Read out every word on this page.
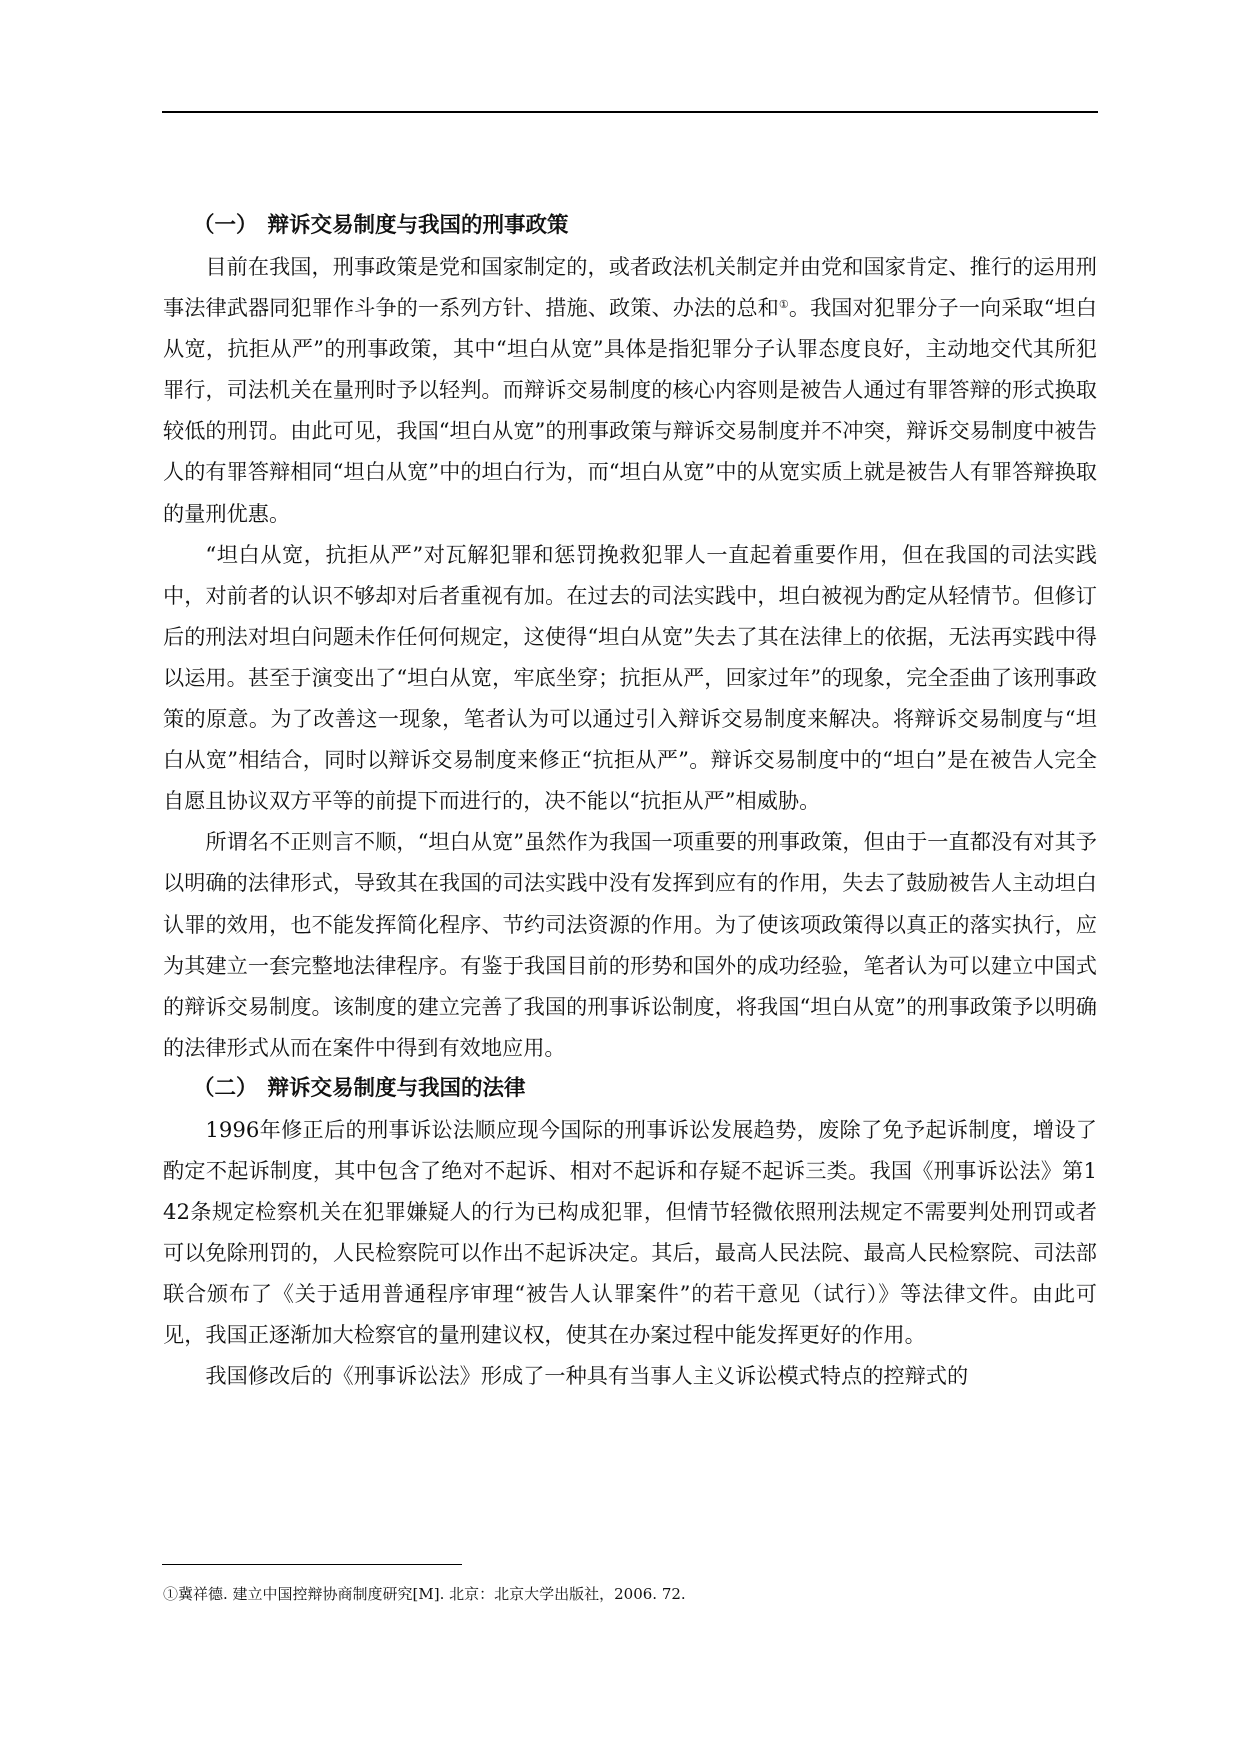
（一） 辩诉交易制度与我国的刑事政策

目前在我国，刑事政策是党和国家制定的，或者政法机关制定并由党和国家肯定、推行的运用刑事法律武器同犯罪作斗争的一系列方针、措施、政策、办法的总和①。我国对犯罪分子一向采取“坦白从宽，抗拒从严”的刑事政策，其中“坦白从宽”具体是指犯罪分子认罪态度良好，主动地交代其所犯罪行，司法机关在量刑时予以轻判。而辩诉交易制度的核心内容则是被告人通过有罪答辩的形式换取较低的刑罚。由此可见，我国“坦白从宽”的刑事政策与辩诉交易制度并不冲突，辩诉交易制度中被告人的有罪答辩相同“坦白从宽”中的坦白行为，而“坦白从宽”中的从宽实质上就是被告人有罪答辩换取的量刑优惠。

“坦白从宽，抗拒从严”对瓦解犯罪和惩罚挽救犯罪人一直起着重要作用，但在我国的司法实践中，对前者的认识不够却对后者重视有加。在过去的司法实践中，坦白被视为酌定从轻情节。但修订后的刑法对坦白问题未作任何何规定，这使得“坦白从宽”失去了其在法律上的依据，无法再实践中得以运用。甚至于演变出了“坦白从宽，牢底坐穿；抗拒从严，回家过年”的现象，完全歪曲了该刑事政策的原意。为了改善这一现象，笔者认为可以通过引入辩诉交易制度来解决。将辩诉交易制度与“坦白从宽”相结合，同时以辩诉交易制度来修正“抗拒从严”。辩诉交易制度中的“坦白”是在被告人完全自愿且协议双方平等的前提下而进行的，决不能以“抗拒从严”相威胁。

所谓名不正则言不顺，“坦白从宽”虽然作为我国一项重要的刑事政策，但由于一直都没有对其予以明确的法律形式，导致其在我国的司法实践中没有发挥到应有的作用，失去了鼓励被告人主动坦白认罪的效用，也不能发挥简化程序、节约司法资源的作用。为了使该项政策得以真正的落实执行，应为其建立一套完整地法律程序。有鉴于我国目前的形势和国外的成功经验，笔者认为可以建立中国式的辩诉交易制度。该制度的建立完善了我国的刑事诉讼制度，将我国“坦白从宽”的刑事政策予以明确的法律形式从而在案件中得到有效地应用。

（二） 辩诉交易制度与我国的法律

1996年修正后的刑事诉讼法顺应现今国际的刑事诉讼发展趋势，废除了免予起诉制度，增设了酌定不起诉制度，其中包含了绝对不起诉、相对不起诉和存疑不起诉三类。我国《刑事诉讼法》第142条规定检察机关在犯罪嫌疑人的行为已构成犯罪，但情节轻微依照刑法规定不需要判处刑罚或者可以免除刑罚的，人民检察院可以作出不起诉决定。其后，最高人民法院、最高人民检察院、司法部联合颁布了《关于适用普通程序审理“被告人认罪案件”的若干意见（试行）》等法律文件。由此可见，我国正逐渐加大检察官的量刑建议权，使其在办案过程中能发挥更好的作用。

我国修改后的《刑事诉讼法》形成了一种具有当事人主义诉讼模式特点的控辩式的

①冀祥德. 建立中国控辩协商制度研究[M]. 北京：北京大学出版社，2006. 72.
